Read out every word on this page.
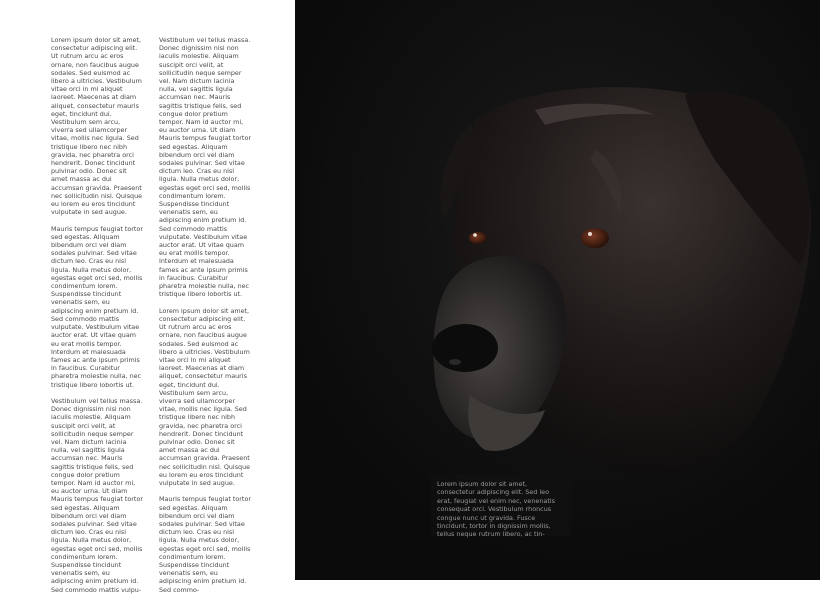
Lorem ipsum dolor sit amet, consectetur adipiscing elit. Ut rutrum arcu ac eros ornare, non faucibus augue sodales. Sed euismod ac libero a ultricies. Vestibulum vitae orci in mi aliquet laoreet. Maecenas at diam aliquet, consectetur mauris eget, tincidunt dui. Vestibulum sem arcu, viverra sed ullamcorper vitae, mollis nec ligula. Sed tristique libero nec nibh gravida, nec pharetra orci hendrerit. Donec tincidunt pulvinar odio. Donec sit amet massa ac dui accumsan gravida. Praesent nec sollicitudin nisl. Quisque eu lorem eu eros tincidunt vulputate in sed augue.

Mauris tempus feugiat tortor sed egestas. Aliquam bibendum orci vel diam sodales pulvinar. Sed vitae dictum leo. Cras eu nisl ligula. Nulla metus dolor, egestas eget orci sed, mollis condimentum lorem. Suspendisse tincidunt venenatis sem, eu adipiscing enim pretium id. Sed commodo mattis vulputate. Vestibulum vitae auctor erat. Ut vitae quam eu erat mollis tempor. Interdum et malesuada fames ac ante ipsum primis in faucibus. Curabitur pharetra molestie nulla, nec tristique libero lobortis ut.

Vestibulum vel tellus massa. Donec dignissim nisi non iaculis molestie. Aliquam suscipit orci velit, at sollicitudin neque semper vel. Nam dictum lacinia nulla, vel sagittis ligula accumsan nec. Mauris sagittis tristique felis, sed congue dolor pretium tempor. Nam id auctor mi, eu auctor urna. Ut diam Mauris tempus feugiat tortor sed egestas. Aliquam bibendum orci vel diam sodales pulvinar. Sed vitae dictum leo. Cras eu nisl ligula. Nulla metus dolor, egestas eget orci sed, mollis condimentum lorem. Suspendisse tincidunt venenatis sem, eu adipiscing enim pretium id. Sed commodo mattis vulpu-

Vestibulum vel tellus massa. Donec dignissim nisi non iaculis molestie. Aliquam suscipit orci velit, at sollicitudin neque semper vel. Nam dictum lacinia nulla, vel sagittis ligula accumsan nec. Mauris sagittis tristique felis, sed congue dolor pretium tempor. Nam id auctor mi, eu auctor urna. Ut diam Mauris tempus feugiat tortor sed egestas. Aliquam bibendum orci vel diam sodales pulvinar. Sed vitae dictum leo. Cras eu nisl ligula. Nulla metus dolor, egestas eget orci sed, mollis condimentum lorem. Suspendisse tincidunt venenatis sem, eu adipiscing enim pretium id. Sed commodo mattis vulputate. Vestibulum vitae auctor erat. Ut vitae quam eu erat mollis tempor. Interdum et malesuada fames ac ante ipsum primis in faucibus. Curabitur pharetra molestie nulla, nec tristique libero lobortis ut.

Lorem ipsum dolor sit amet, consectetur adipiscing elit. Ut rutrum arcu ac eros ornare, non faucibus augue sodales. Sed euismod ac libero a ultricies. Vestibulum vitae orci in mi aliquet laoreet. Maecenas at diam aliquet, consectetur mauris eget, tincidunt dui. Vestibulum sem arcu, viverra sed ullamcorper vitae, mollis nec ligula. Sed tristique libero nec nibh gravida, nec pharetra orci hendrerit. Donec tincidunt pulvinar odio. Donec sit amet massa ac dui accumsan gravida. Praesent nec sollicitudin nisl. Quisque eu lorem eu eros tincidunt vulputate in sed augue.

Mauris tempus feugiat tortor sed egestas. Aliquam bibendum orci vel diam sodales pulvinar. Sed vitae dictum leo. Cras eu nisl ligula. Nulla metus dolor, egestas eget orci sed, mollis condimentum lorem. Suspendisse tincidunt venenatis sem, eu adipiscing enim pretium id. Sed commo-

Lorem ipsum dolor sit amet, consectetur adipiscing elit. Sed leo erat, feugiat vel enim nec, venenatis consequat orci. Vestibulum rhoncus congue nunc ut gravida. Fusce tincidunt, tortor in dignissim mollis, tellus neque rutrum libero, ac tin-
